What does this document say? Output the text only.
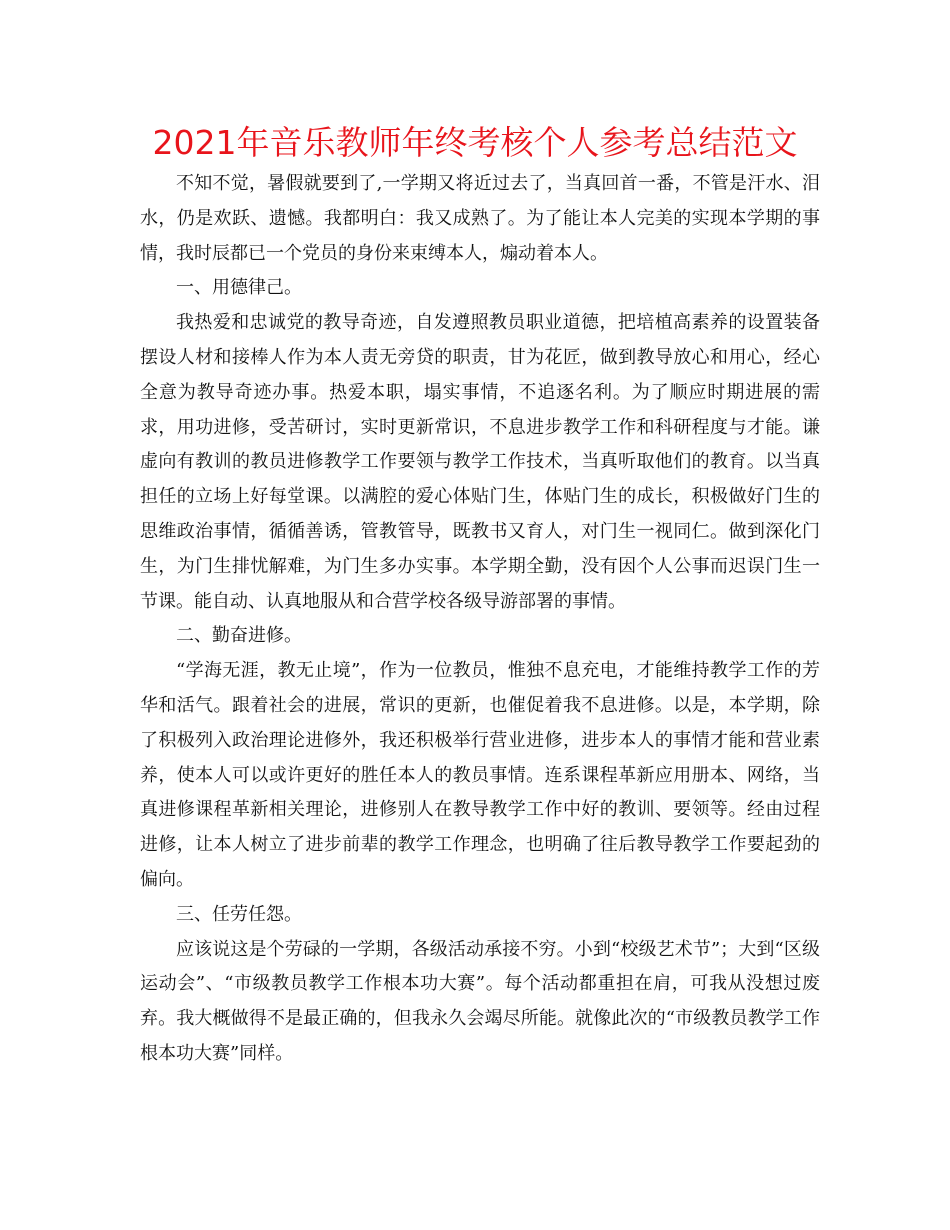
2021年音乐教师年终考核个人参考总结范文

不知不觉，暑假就要到了,一学期又将近过去了，当真回首一番，不管是汗水、泪水，仍是欢跃、遗憾。我都明白：我又成熟了。为了能让本人完美的实现本学期的事情，我时辰都已一个党员的身份来束缚本人，煽动着本人。

一、用德律己。

我热爱和忠诚党的教导奇迹，自发遵照教员职业道德，把培植高素养的设置装备摆设人材和接棒人作为本人责无旁贷的职责，甘为花匠，做到教导放心和用心，经心全意为教导奇迹办事。热爱本职，塌实事情，不追逐名利。为了顺应时期进展的需求，用功进修，受苦研讨，实时更新常识，不息进步教学工作和科研程度与才能。谦虚向有教训的教员进修教学工作要领与教学工作技术，当真听取他们的教育。以当真担任的立场上好每堂课。以满腔的爱心体贴门生，体贴门生的成长，积极做好门生的思维政治事情，循循善诱，管教管导，既教书又育人，对门生一视同仁。做到深化门生，为门生排忧解难，为门生多办实事。本学期全勤，没有因个人公事而迟误门生一节课。能自动、认真地服从和合营学校各级导游部署的事情。

二、勤奋进修。

“学海无涯，教无止境”，作为一位教员，惟独不息充电，才能维持教学工作的芳华和活气。跟着社会的进展，常识的更新，也催促着我不息进修。以是，本学期，除了积极列入政治理论进修外，我还积极举行营业进修，进步本人的事情才能和营业素养，使本人可以或许更好的胜任本人的教员事情。连系课程革新应用册本、网络，当真进修课程革新相关理论，进修别人在教导教学工作中好的教训、要领等。经由过程进修，让本人树立了进步前辈的教学工作理念，也明确了往后教导教学工作要起劲的偏向。

三、任劳任怨。

应该说这是个劳碌的一学期，各级活动承接不穷。小到“校级艺术节”；大到“区级运动会”、“市级教员教学工作根本功大赛”。每个活动都重担在肩，可我从没想过废弃。我大概做得不是最正确的，但我永久会竭尽所能。就像此次的“市级教员教学工作根本功大赛”同样。
